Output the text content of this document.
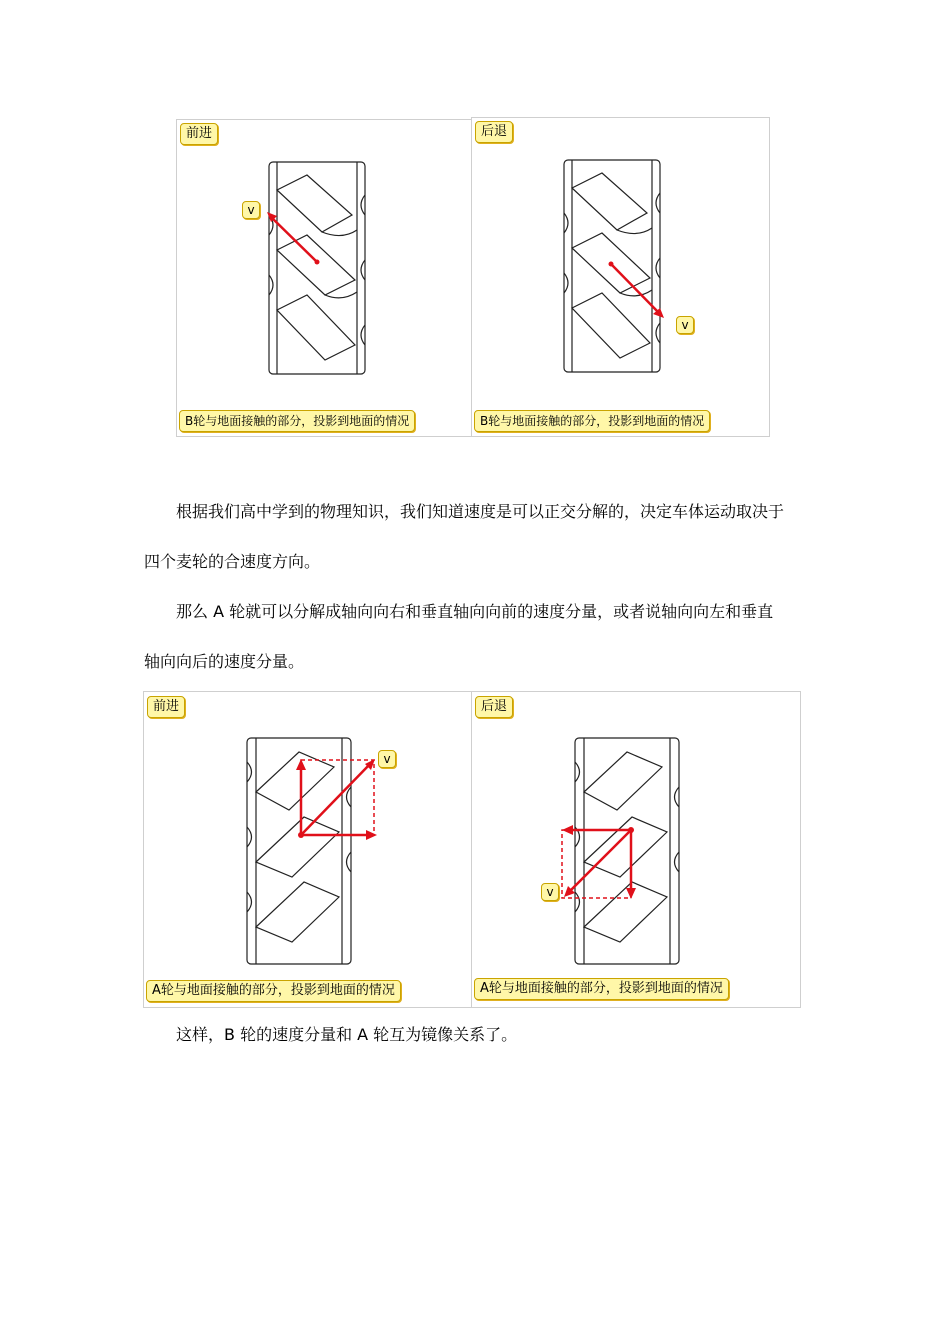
前进
v
B轮与地面接触的部分，投影到地面的情况
后退
v
B轮与地面接触的部分，投影到地面的情况
根据我们高中学到的物理知识，我们知道速度是可以正交分解的，决定车体运动取决于
四个麦轮的合速度方向。
那么 A 轮就可以分解成轴向向右和垂直轴向向前的速度分量，或者说轴向向左和垂直
轴向向后的速度分量。
前进
v
A轮与地面接触的部分，投影到地面的情况
后退
v
A轮与地面接触的部分，投影到地面的情况
这样，B 轮的速度分量和 A 轮互为镜像关系了。
